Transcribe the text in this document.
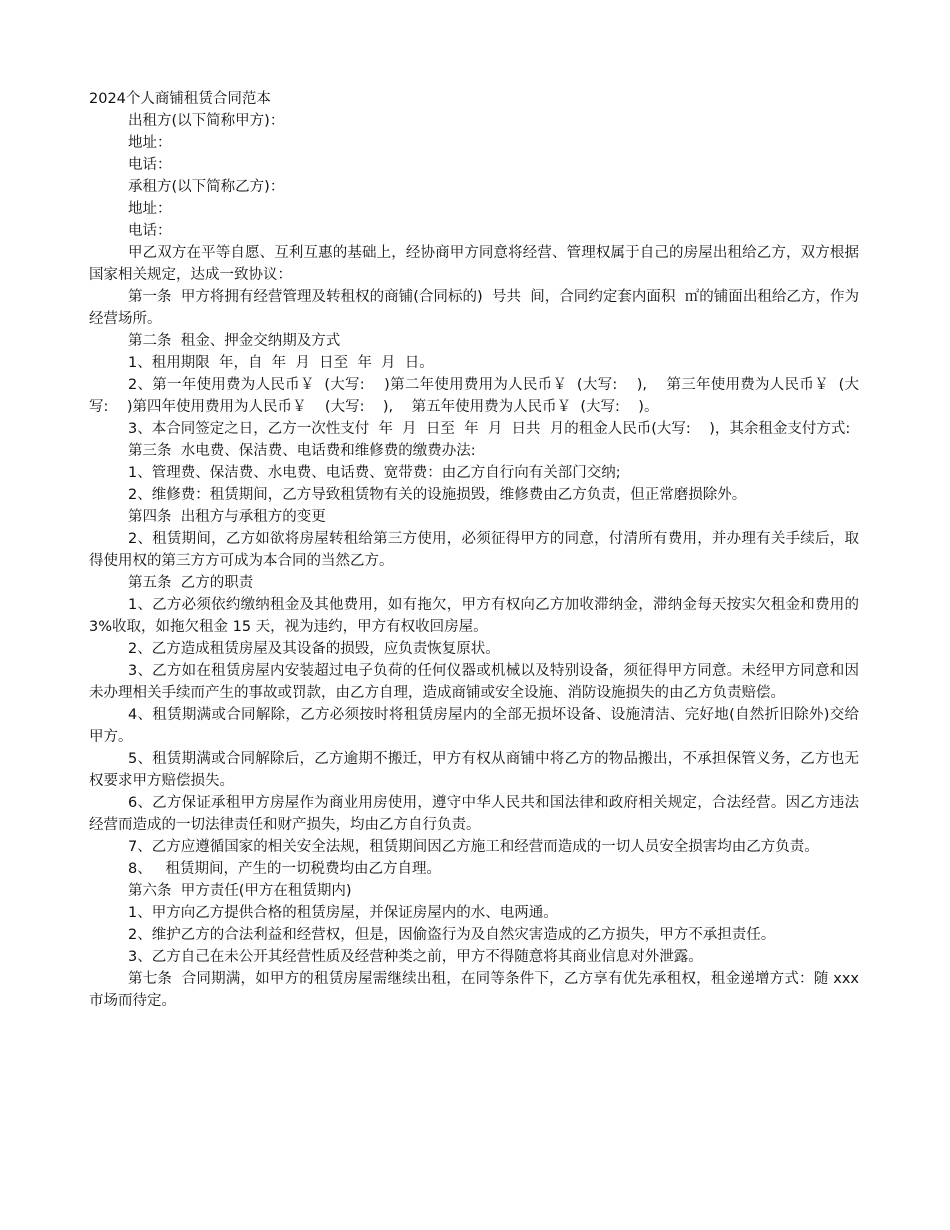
2024个人商铺租赁合同范本

出租方(以下简称甲方)：

地址：

电话：

承租方(以下简称乙方)：

地址：

电话：

甲乙双方在平等自愿、互利互惠的基础上，经协商甲方同意将经营、管理权属于自己的房屋出租给乙方，双方根据国家相关规定，达成一致协议：

第一条  甲方将拥有经营管理及转租权的商铺(合同标的)  号共  间，合同约定套内面积  ㎡的铺面出租给乙方，作为  经营场所。

第二条  租金、押金交纳期及方式

1、租用期限  年，自  年  月  日至  年  月  日。

2、第一年使用费为人民币￥  (大写:    )第二年使用费用为人民币￥  (大写:    ),    第三年使用费为人民币￥  (大写:    )第四年使用费用为人民币￥    (大写:    ),    第五年使用费为人民币￥  (大写:    )。

3、本合同签定之日，乙方一次性支付  年  月  日至  年  月  日共  月的租金人民币(大写:    )，其余租金支付方式:

第三条  水电费、保洁费、电话费和维修费的缴费办法:

1、管理费、保洁费、水电费、电话费、宽带费：由乙方自行向有关部门交纳;

2、维修费：租赁期间，乙方导致租赁物有关的设施损毁，维修费由乙方负责，但正常磨损除外。

第四条  出租方与承租方的变更

2、租赁期间，乙方如欲将房屋转租给第三方使用，必须征得甲方的同意，付清所有费用，并办理有关手续后，取得使用权的第三方方可成为本合同的当然乙方。

第五条  乙方的职责

1、乙方必须依约缴纳租金及其他费用，如有拖欠，甲方有权向乙方加收滞纳金，滞纳金每天按实欠租金和费用的 3%收取，如拖欠租金 15 天，视为违约，甲方有权收回房屋。

2、乙方造成租赁房屋及其设备的损毁，应负责恢复原状。

3、乙方如在租赁房屋内安装超过电子负荷的任何仪器或机械以及特别设备，须征得甲方同意。未经甲方同意和因未办理相关手续而产生的事故或罚款，由乙方自理，造成商铺或安全设施、消防设施损失的由乙方负责赔偿。

4、租赁期满或合同解除，乙方必须按时将租赁房屋内的全部无损坏设备、设施清洁、完好地(自然折旧除外)交给甲方。

5、租赁期满或合同解除后，乙方逾期不搬迁，甲方有权从商铺中将乙方的物品搬出，不承担保管义务，乙方也无权要求甲方赔偿损失。

6、乙方保证承租甲方房屋作为商业用房使用，遵守中华人民共和国法律和政府相关规定，合法经营。因乙方违法经营而造成的一切法律责任和财产损失，均由乙方自行负责。

7、乙方应遵循国家的相关安全法规，租赁期间因乙方施工和经营而造成的一切人员安全损害均由乙方负责。

8、   租赁期间，产生的一切税费均由乙方自理。

第六条  甲方责任(甲方在租赁期内)

1、甲方向乙方提供合格的租赁房屋，并保证房屋内的水、电两通。

2、维护乙方的合法利益和经营权，但是，因偷盗行为及自然灾害造成的乙方损失，甲方不承担责任。

3、乙方自己在未公开其经营性质及经营种类之前，甲方不得随意将其商业信息对外泄露。

第七条  合同期满，如甲方的租赁房屋需继续出租，在同等条件下，乙方享有优先承租权，租金递增方式：随 xxx 市场而待定。
